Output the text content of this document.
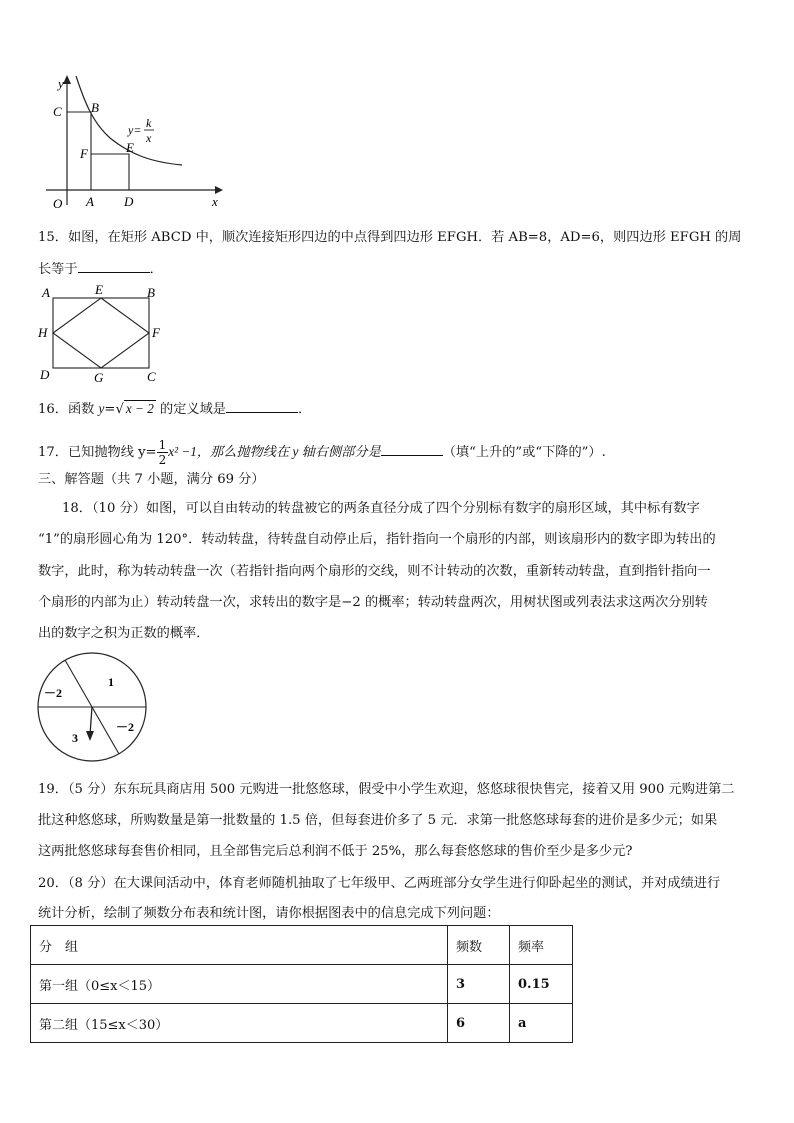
y
x
O A D
B
C
E
F
y= k
x
15．如图，在矩形 ABCD 中，顺次连接矩形四边的中点得到四边形 EFGH．若 AB=8，AD=6，则四边形 EFGH 的周
长等于	．
A	B
C
D
E
F
G
H
16．函数 y=√ x − 2 的定义域是	．
17．已知抛物线 $y= \frac{1}{2} x^2 -1$，那么抛物线在 y 轴右侧部分是	（填“上升的”或“下降的”）.
三、解答题（共 7 小题，满分 69 分）
18．（10 分）如图，可以自由转动的转盘被它的两条直径分成了四个分别标有数字的扇形区域，其中标有数字
“1”的扇形圆心角为 120°．转动转盘，待转盘自动停止后，指针指向一个扇形的内部，则该扇形内的数字即为转出的
数字，此时，称为转动转盘一次（若指针指向两个扇形的交线，则不计转动的次数，重新转动转盘，直到指针指向一
个扇形的内部为止）转动转盘一次，求转出的数字是−2 的概率；转动转盘两次，用树状图或列表法求这两次分别转
出的数字之积为正数的概率．
1
－2
－2
3
19．（5 分）东东玩具商店用 500 元购进一批悠悠球，假受中小学生欢迎，悠悠球很快售完，接着又用 900 元购进第二
批这种悠悠球，所购数量是第一批数量的 1.5 倍，但每套进价多了 5 元．求第一批悠悠球每套的进价是多少元；如果
这两批悠悠球每套售价相同，且全部售完后总利润不低于 25%，那么每套悠悠球的售价至少是多少元?
20．（8 分）在大课间活动中，体育老师随机抽取了七年级甲、乙两班部分女学生进行仰卧起坐的测试，并对成绩进行
统计分析，绘制了频数分布表和统计图，请你根据图表中的信息完成下列问题：
分　组	频数	频率
第一组（0≤x＜15）	3	0.15
第二组（15≤x＜30）	6	a
